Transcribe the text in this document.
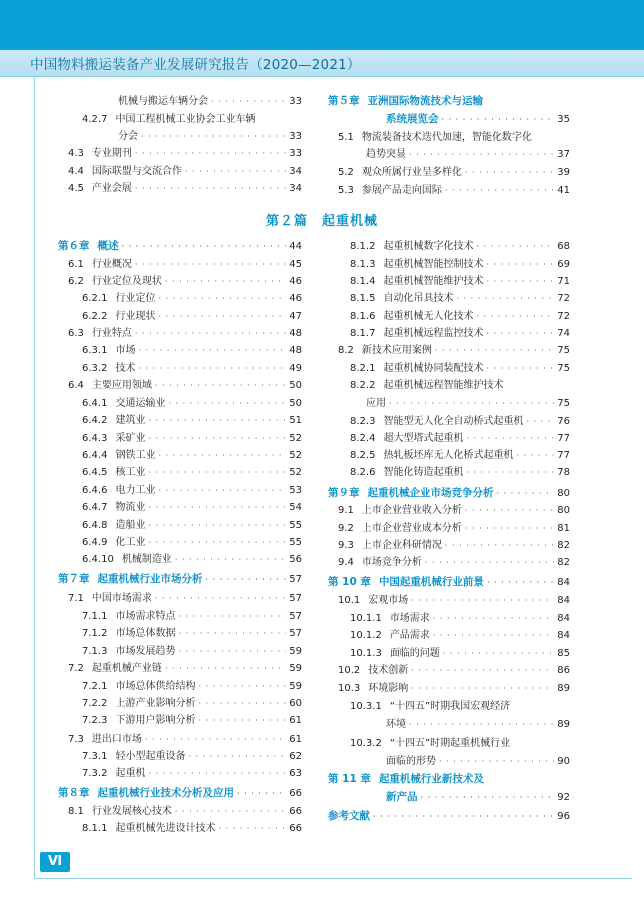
中国物料搬运装备产业发展研究报告（2020—2021）
第２篇　起重机械
Ⅵ
机械与搬运车辆分会 · · ·	33
4.2.7 中国工程机械工业协会工业车辆
分会 · · ·	33
4.3 专业期刊 · · ·	33
4.4 国际联盟与交流合作 · · ·	34
4.5 产业会展 · · ·	34
第６章 概述 · · ·	44
6.1 行业概况 · · ·	45
6.2 行业定位及现状 · · ·	46
6.2.1 行业定位 · · ·	46
6.2.2 行业现状 · · ·	47
6.3 行业特点 · · ·	48
6.3.1 市场 · · ·	48
6.3.2 技术 · · ·	49
6.4 主要应用领域 · · ·	50
6.4.1 交通运输业 · · ·	50
6.4.2 建筑业 · · ·	51
6.4.3 采矿业 · · ·	52
6.4.4 钢铁工业 · · ·	52
6.4.5 核工业 · · ·	52
6.4.6 电力工业 · · ·	53
6.4.7 物流业 · · ·	54
6.4.8 造船业 · · ·	55
6.4.9 化工业 · · ·	55
6.4.10 机械制造业 · · ·	56
第７章 起重机械行业市场分析 · · ·	57
7.1 中国市场需求 · · ·	57
7.1.1 市场需求特点 · · ·	57
7.1.2 市场总体数据 · · ·	57
7.1.3 市场发展趋势 · · ·	59
7.2 起重机械产业链 · · ·	59
7.2.1 市场总体供给结构 · · ·	59
7.2.2 上游产业影响分析 · · ·	60
7.2.3 下游用户影响分析 · · ·	61
7.3 进出口市场 · · ·	61
7.3.1 轻小型起重设备 · · ·	62
7.3.2 起重机 · · ·	63
第８章 起重机械行业技术分析及应用 · · ·	66
8.1 行业发展核心技术 · · ·	66
8.1.1 起重机械先进设计技术 · · ·	66
第５章 亚洲国际物流技术与运输
系统展览会 · · ·	35
5.1 物流装备技术迭代加速，智能化数字化
趋势突显 · · ·	37
5.2 观众所属行业呈多样化 · · ·	39
5.3 参展产品走向国际 · · ·	41
8.1.2 起重机械数字化技术 · · ·	68
8.1.3 起重机械智能控制技术 · · ·	69
8.1.4 起重机械智能维护技术 · · ·	71
8.1.5 自动化吊具技术 · · ·	72
8.1.6 起重机械无人化技术 · · ·	72
8.1.7 起重机械远程监控技术 · · ·	74
8.2 新技术应用案例 · · ·	75
8.2.1 起重机械协同装配技术 · · ·	75
8.2.2 起重机械远程智能维护技术
应用 · · ·	75
8.2.3 智能型无人化全自动桥式起重机 · · ·	76
8.2.4 超大型塔式起重机 · · ·	77
8.2.5 热轧板坯库无人化桥式起重机 · · ·	77
8.2.6 智能化铸造起重机 · · ·	78
第９章 起重机械企业市场竞争分析 · · ·	80
9.1 上市企业营业收入分析 · · ·	80
9.2 上市企业营业成本分析 · · ·	81
9.3 上市企业科研情况 · · ·	82
9.4 市场竞争分析 · · ·	82
第 10 章 中国起重机械行业前景 · · ·	84
10.1 宏观市场 · · ·	84
10.1.1 市场需求 · · ·	84
10.1.2 产品需求 · · ·	84
10.1.3 面临的问题 · · ·	85
10.2 技术创新 · · ·	86
10.3 环境影响 · · ·	89
10.3.1 “十四五”时期我国宏观经济
环境 · · ·	89
10.3.2 “十四五”时期起重机械行业
面临的形势 · · ·	90
第 11 章 起重机械行业新技术及
新产品 · · ·	92
参考文献 · · ·	96
